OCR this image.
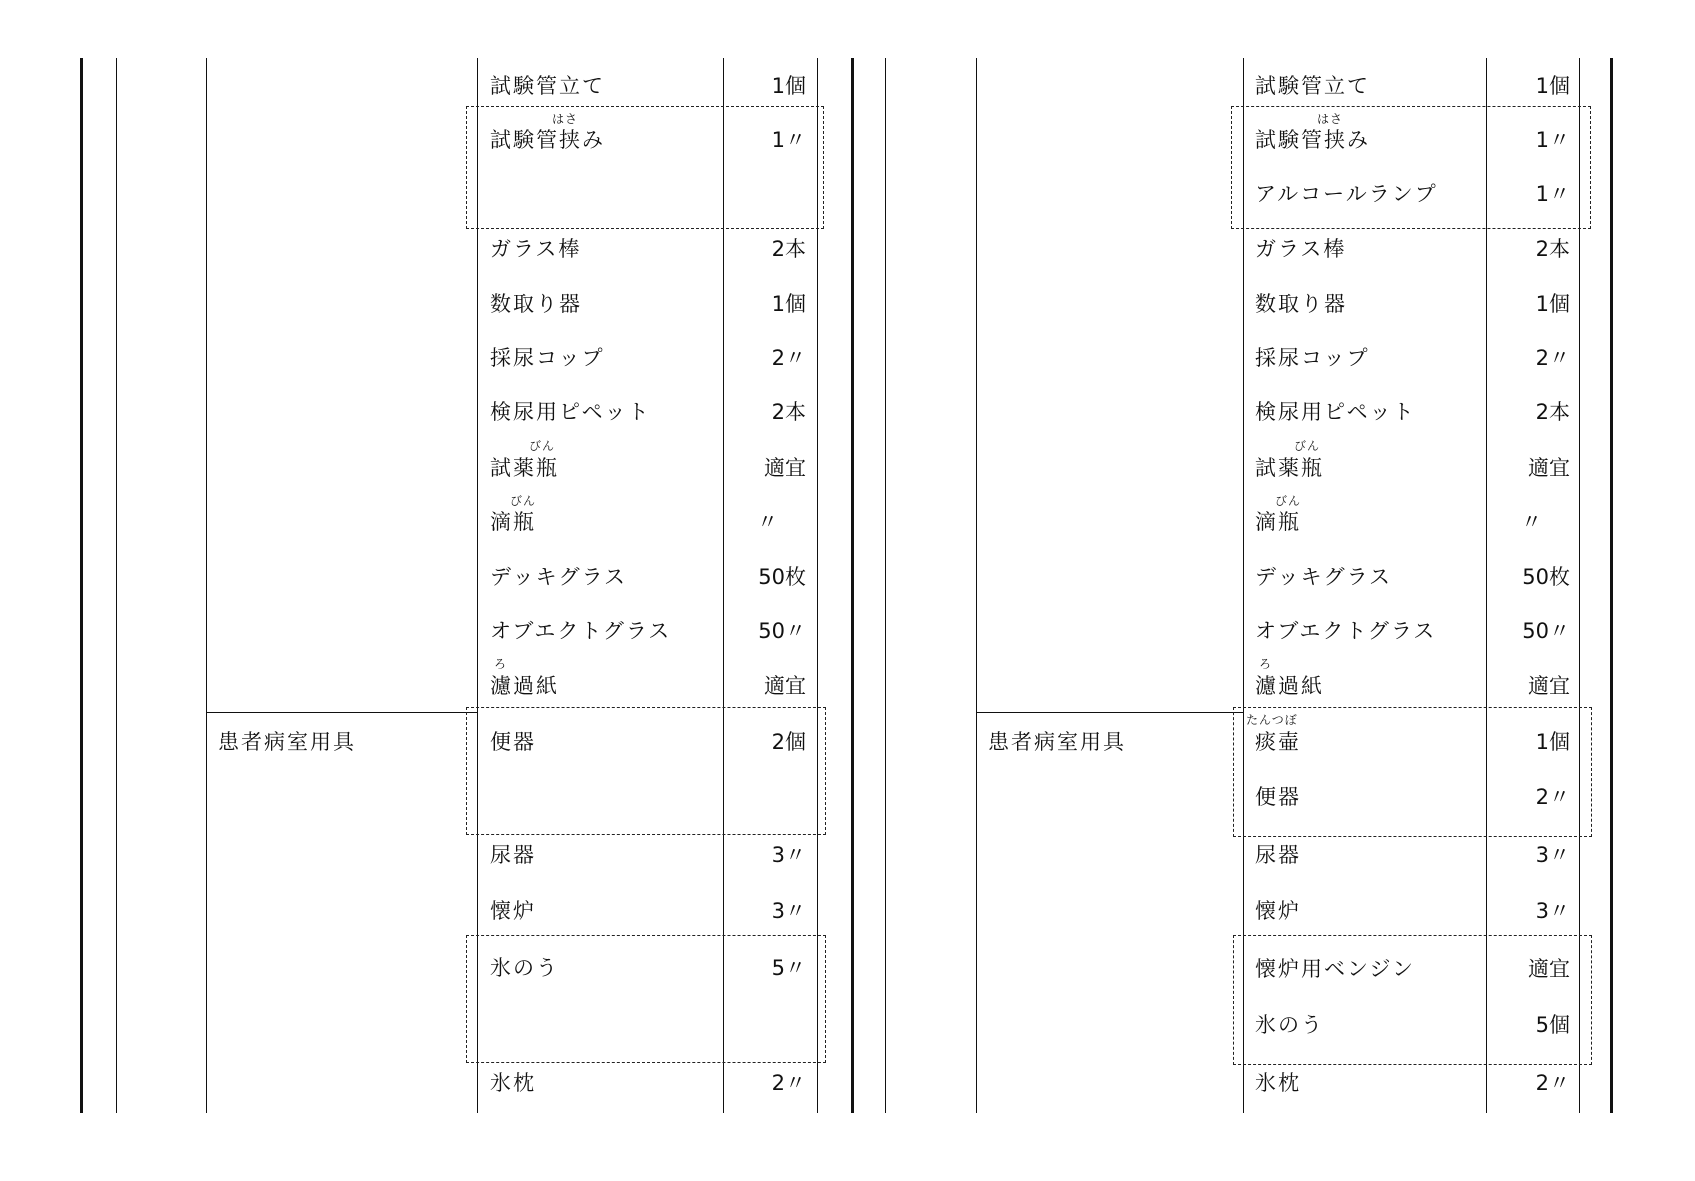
患者病室用具
試験管立て	1個
はさ
試験管挟み	1〃
ガラス棒	2本
数取り器	1個
採尿コップ	2〃
検尿用ピペット	2本
びん
試薬瓶	適宜
びん
滴瓶	〃
デッキグラス	50枚
オブエクトグラス	50〃
ろ
濾過紙	適宜
便器	2個
尿器	3〃
懐炉	3〃
氷のう	5〃
氷枕	2〃
患者病室用具
試験管立て	1個
はさ
試験管挟み	1〃
アルコールランプ	1〃
ガラス棒	2本
数取り器	1個
採尿コップ	2〃
検尿用ピペット	2本
びん
試薬瓶	適宜
びん
滴瓶	〃
デッキグラス	50枚
オブエクトグラス	50〃
ろ
濾過紙	適宜
たんつぼ
痰壷	1個
便器	2〃
尿器	3〃
懐炉	3〃
懐炉用ベンジン	適宜
氷のう	5個
氷枕	2〃
